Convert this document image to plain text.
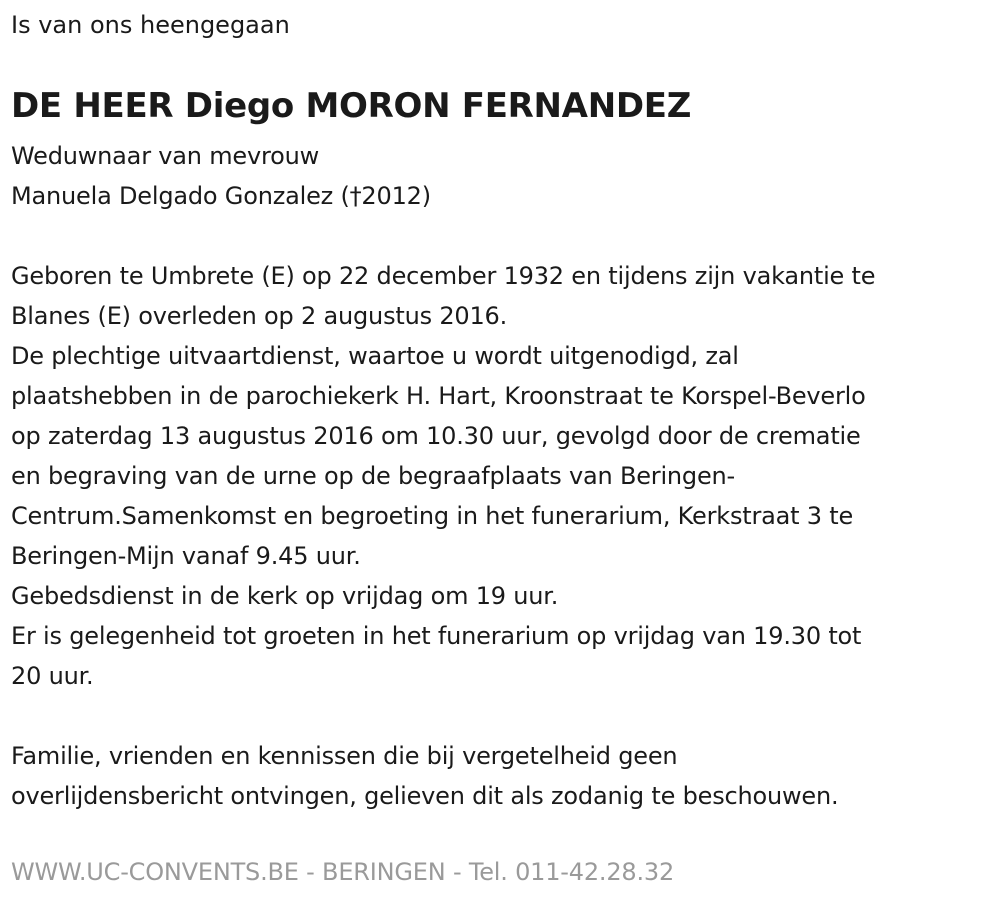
Is van ons heengegaan
DE HEER Diego MORON FERNANDEZ
Weduwnaar van mevrouw
Manuela Delgado Gonzalez (†2012)
Geboren te Umbrete (E) op 22 december 1932 en tijdens zijn vakantie te
Blanes (E) overleden op 2 augustus 2016.
De plechtige uitvaartdienst, waartoe u wordt uitgenodigd, zal
plaatshebben in de parochiekerk H. Hart, Kroonstraat te Korspel-Beverlo
op zaterdag 13 augustus 2016 om 10.30 uur, gevolgd door de crematie
en begraving van de urne op de begraafplaats van Beringen-
Centrum.Samenkomst en begroeting in het funerarium, Kerkstraat 3 te
Beringen-Mijn vanaf 9.45 uur.
Gebedsdienst in de kerk op vrijdag om 19 uur.
Er is gelegenheid tot groeten in het funerarium op vrijdag van 19.30 tot
20 uur.
Familie, vrienden en kennissen die bij vergetelheid geen
overlijdensbericht ontvingen, gelieven dit als zodanig te beschouwen.
WWW.UC-CONVENTS.BE - BERINGEN - Tel. 011-42.28.32
